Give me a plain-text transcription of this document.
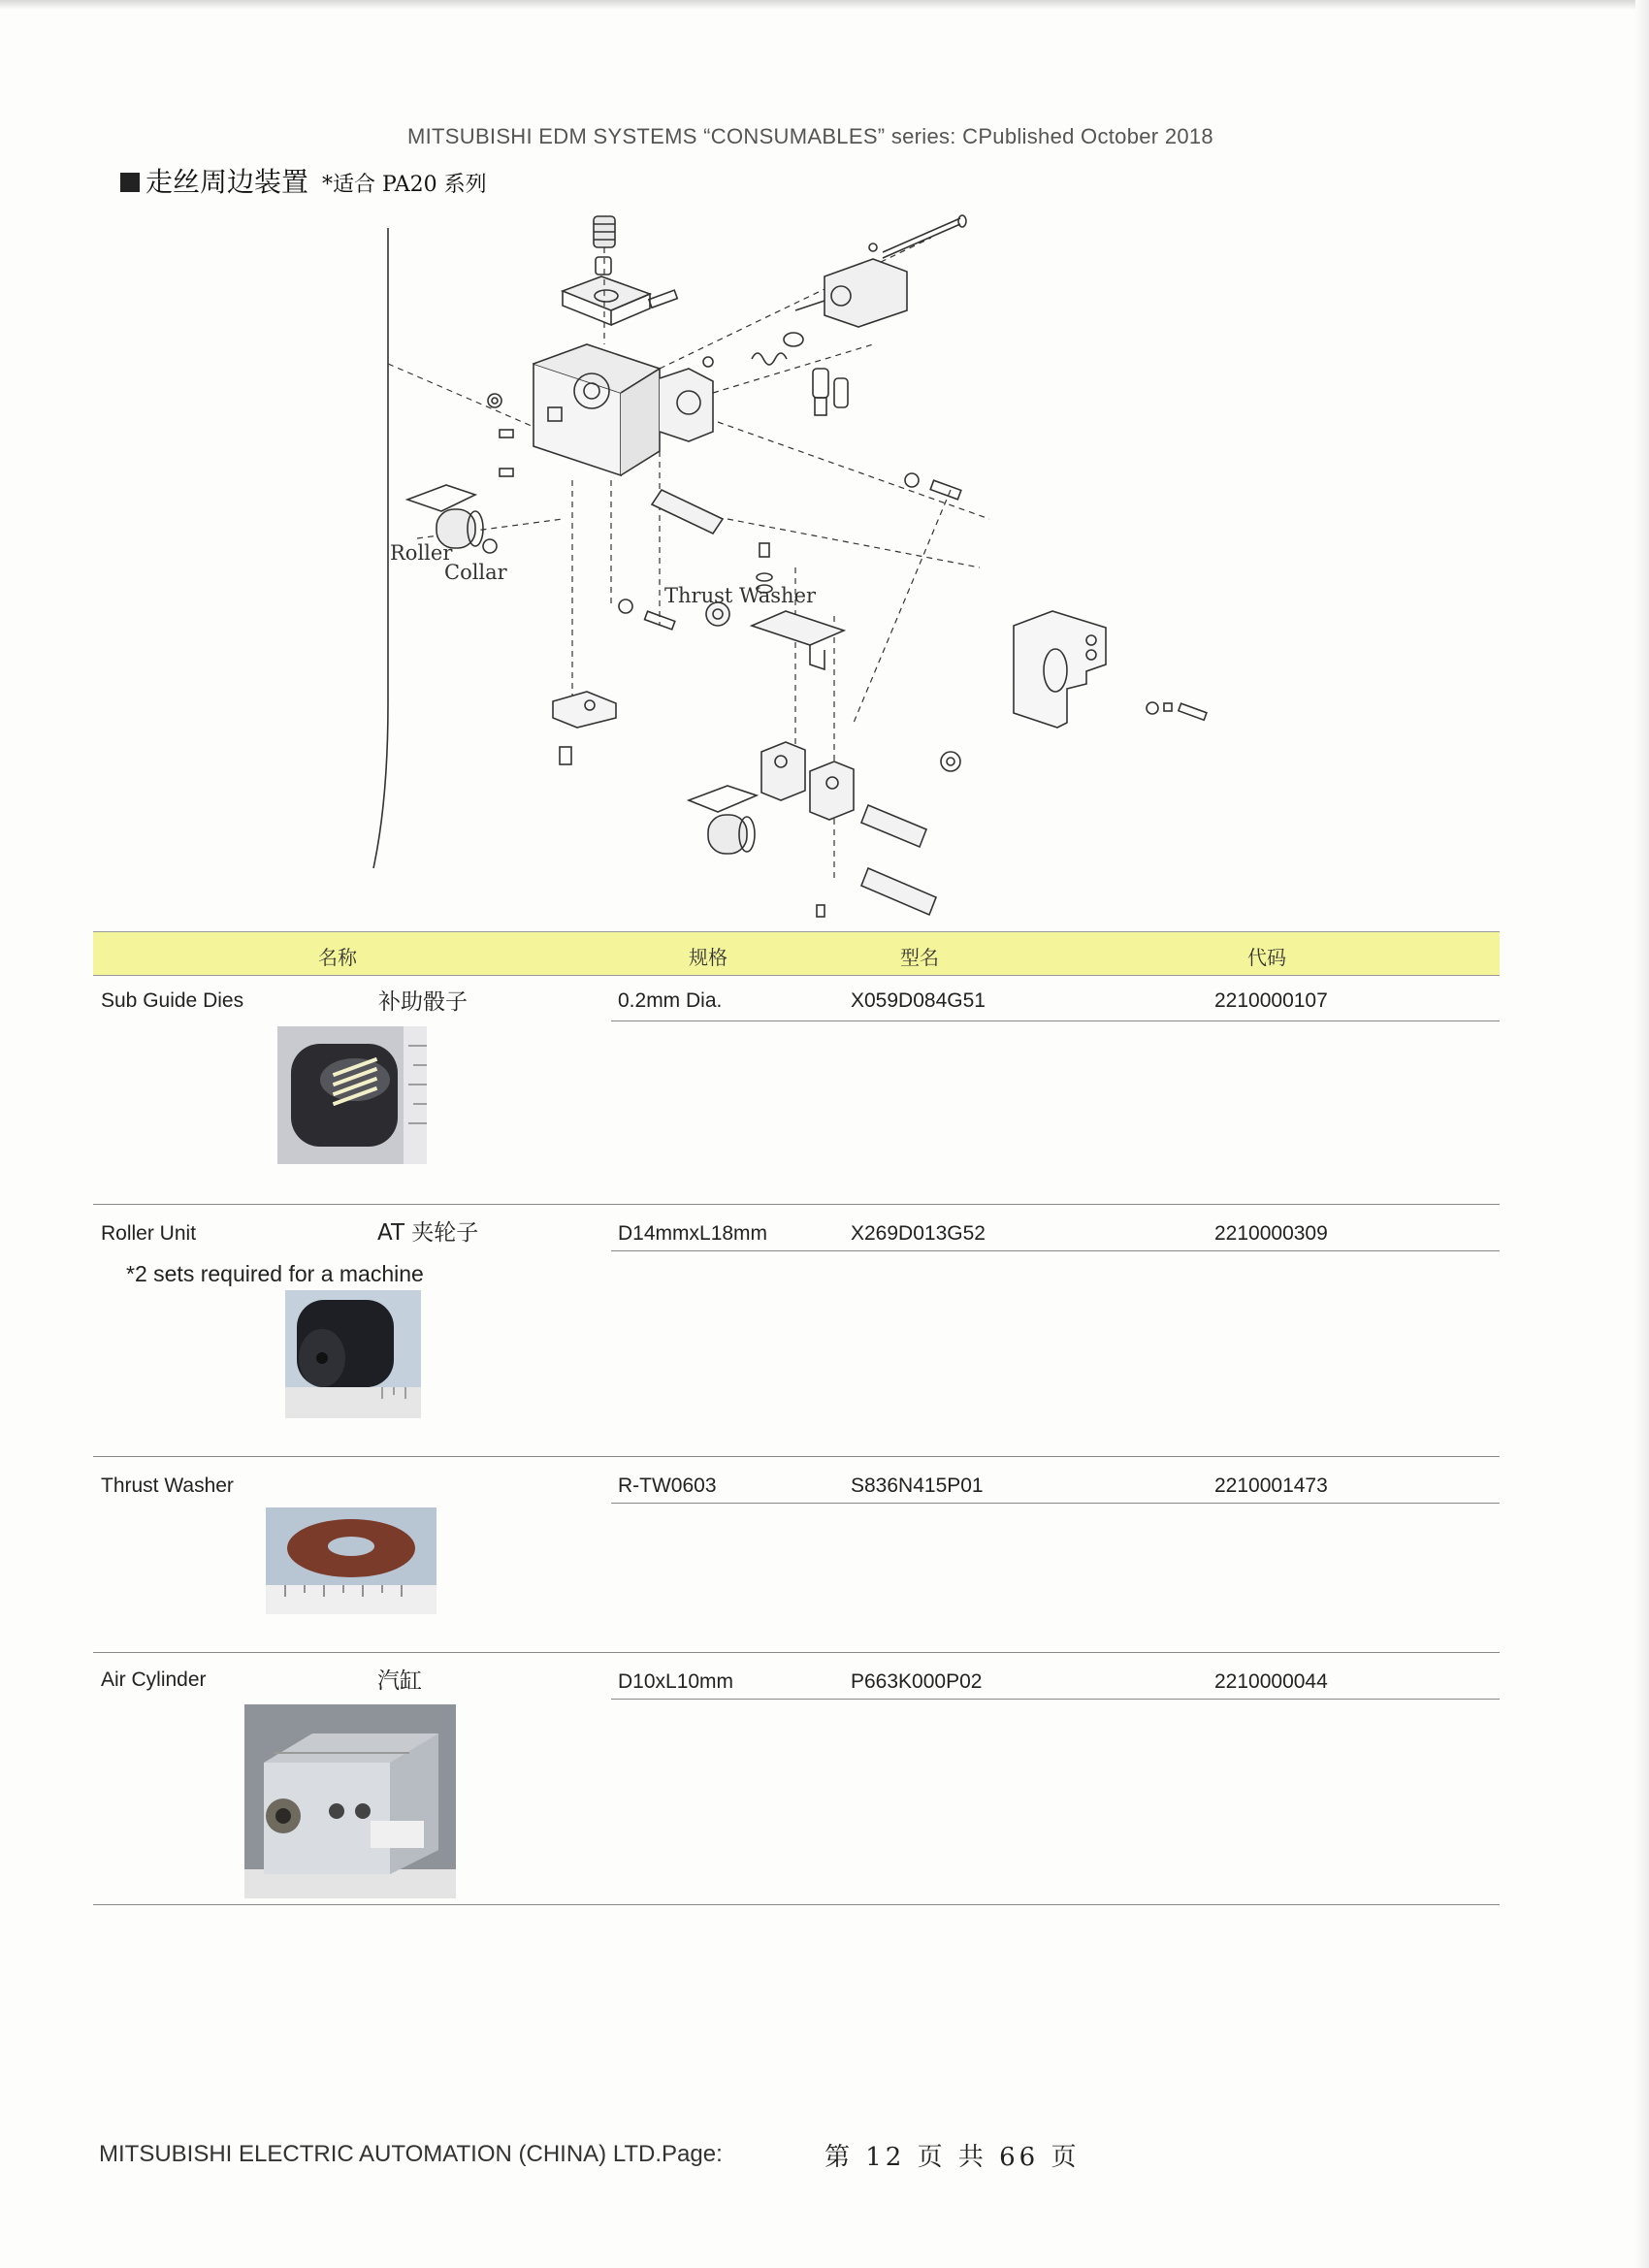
MITSUBISHI EDM SYSTEMS “CONSUMABLES” series: CPublished October 2018
走丝周边装置 *适合 PA20 系列
Roller
Collar
Thrust Washer
名称	规格	型名	代码
Sub Guide Dies	补助骰子	0.2mm Dia.	X059D084G51	2210000107
Roller Unit	AT 夹轮子	D14mmxL18mm	X269D013G52	2210000309
*2 sets required for a machine
Thrust Washer	R-TW0603	S836N415P01	2210001473
Air Cylinder	汽缸	D10xL10mm	P663K000P02	2210000044
MITSUBISHI ELECTRIC AUTOMATION (CHINA) LTD.Page:	第 12 页 共 66 页
